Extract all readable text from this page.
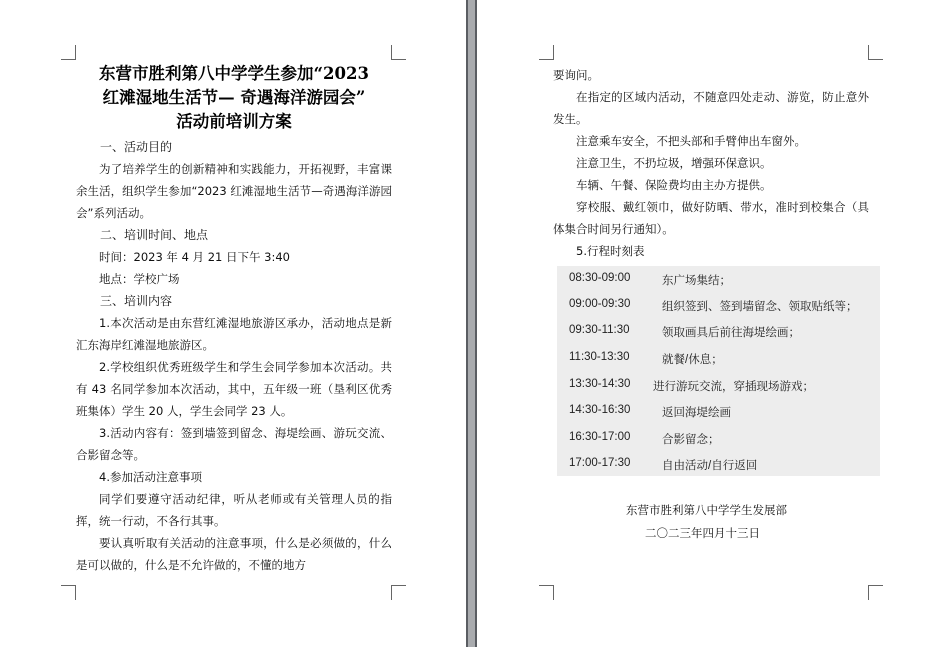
东营市胜利第八中学学生参加“2023
红滩湿地生活节— 奇遇海洋游园会”
活动前培训方案

一、活动目的

为了培养学生的创新精神和实践能力，开拓视野，丰富课余生活，组织学生参加“2023 红滩湿地生活节—奇遇海洋游园会”系列活动。

二、培训时间、地点

时间：2023 年 4 月 21 日下午 3:40

地点：学校广场

三、培训内容

1.本次活动是由东营红滩湿地旅游区承办，活动地点是新汇东海岸红滩湿地旅游区。

2.学校组织优秀班级学生和学生会同学参加本次活动。共有 43 名同学参加本次活动，其中，五年级一班（垦利区优秀班集体）学生 20 人，学生会同学 23 人。

3.活动内容有：签到墙签到留念、海堤绘画、游玩交流、合影留念等。

4.参加活动注意事项

同学们要遵守活动纪律，听从老师或有关管理人员的指挥，统一行动，不各行其事。

要认真听取有关活动的注意事项，什么是必须做的，什么是可以做的，什么是不允许做的，不懂的地方

要询问。

在指定的区域内活动，不随意四处走动、游览，防止意外发生。

注意乘车安全，不把头部和手臂伸出车窗外。

注意卫生，不扔垃圾，增强环保意识。

车辆、午餐、保险费均由主办方提供。

穿校服、戴红领巾，做好防晒、带水，准时到校集合（具体集合时间另行通知）。

5.行程时刻表

08:30-09:00	东广场集结；
09:00-09:30	组织签到、签到墙留念、领取贴纸等；
09:30-11:30	领取画具后前往海堤绘画；
11:30-13:30	就餐/休息；
13:30-14:30 进行游玩交流，穿插现场游戏；
14:30-16:30	返回海堤绘画
16:30-17:00	合影留念；
17:00-17:30	自由活动/自行返回
东营市胜利第八中学学生发展部
二〇二三年四月十三日
